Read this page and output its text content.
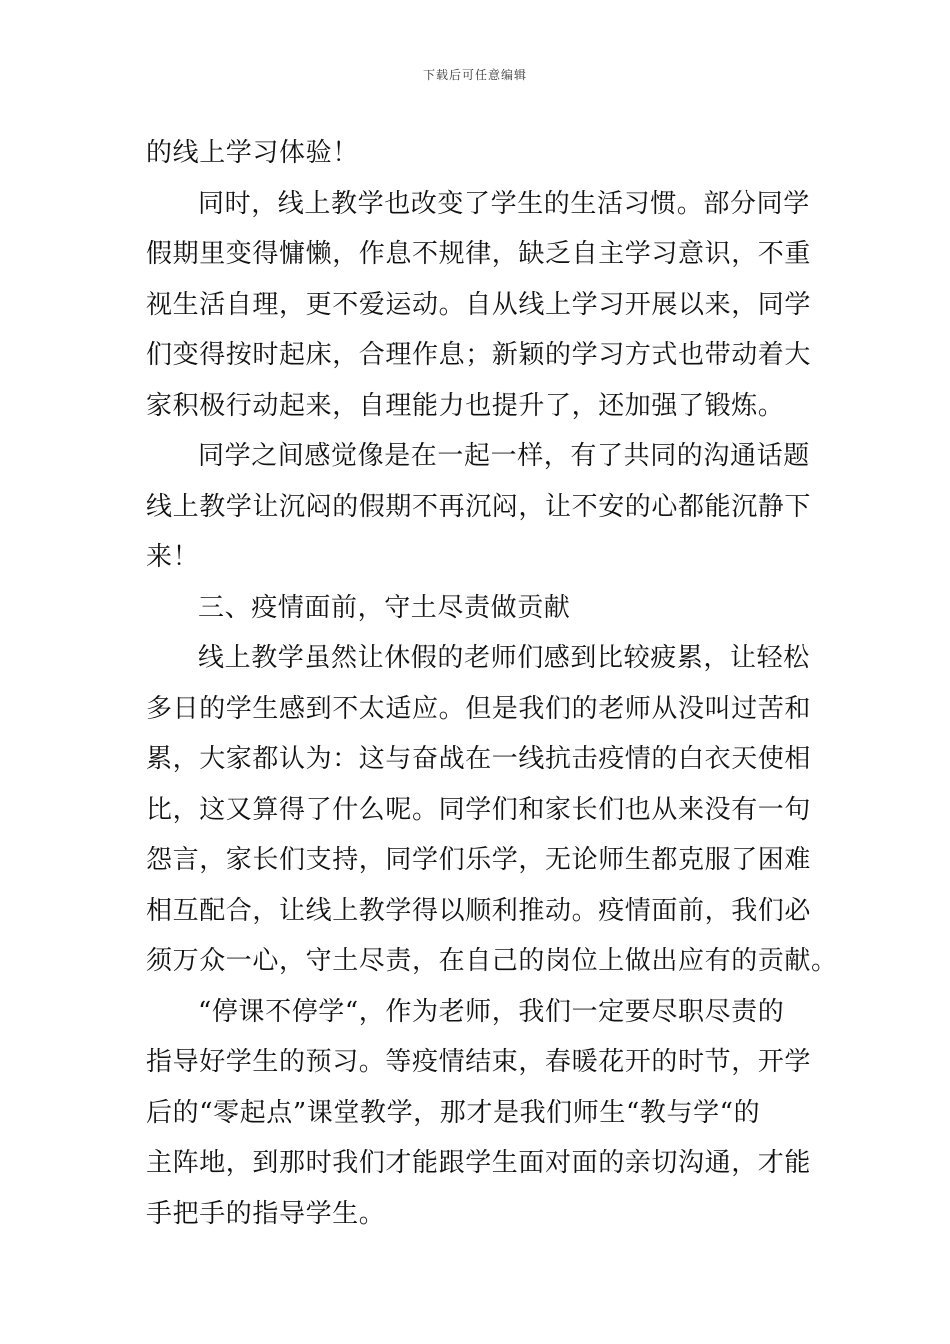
下载后可任意编辑
的线上学习体验！
同时，线上教学也改变了学生的生活习惯。部分同学
假期里变得慵懒，作息不规律，缺乏自主学习意识，不重
视生活自理，更不爱运动。自从线上学习开展以来，同学
们变得按时起床，合理作息；新颖的学习方式也带动着大
家积极行动起来，自理能力也提升了，还加强了锻炼。
同学之间感觉像是在一起一样，有了共同的沟通话题
线上教学让沉闷的假期不再沉闷，让不安的心都能沉静下
来！
三、疫情面前，守土尽责做贡献
线上教学虽然让休假的老师们感到比较疲累，让轻松
多日的学生感到不太适应。但是我们的老师从没叫过苦和
累，大家都认为：这与奋战在一线抗击疫情的白衣天使相
比，这又算得了什么呢。同学们和家长们也从来没有一句
怨言，家长们支持，同学们乐学，无论师生都克服了困难
相互配合，让线上教学得以顺利推动。疫情面前，我们必
须万众一心，守土尽责，在自己的岗位上做出应有的贡献。
“停课不停学“，作为老师，我们一定要尽职尽责的
指导好学生的预习。等疫情结束，春暖花开的时节，开学
后的“零起点”课堂教学，那才是我们师生“教与学“的
主阵地，到那时我们才能跟学生面对面的亲切沟通，才能
手把手的指导学生。
